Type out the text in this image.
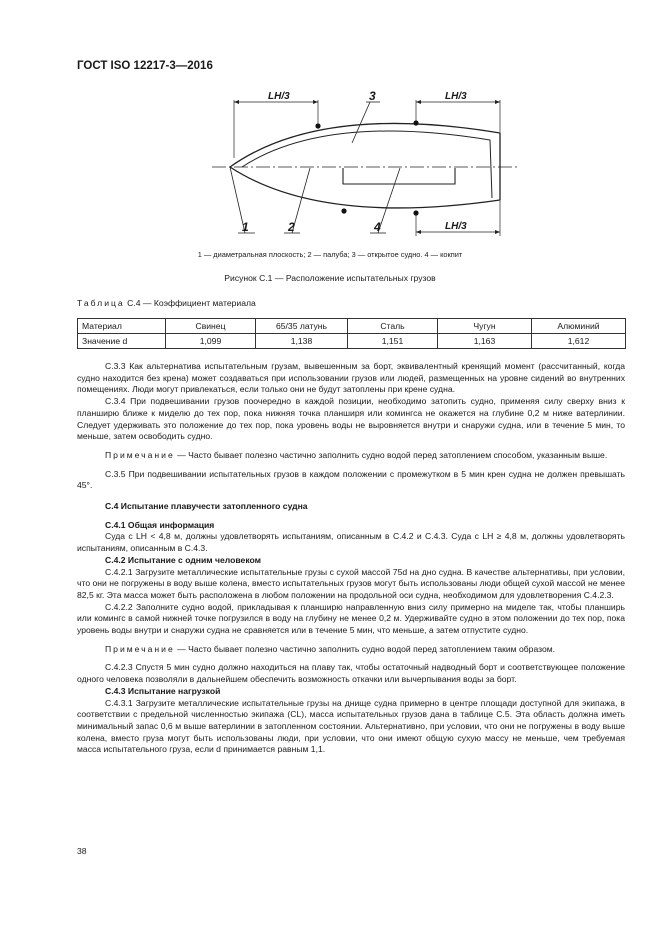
ГОСТ ISO 12217-3—2016
LH/3	LH/3
LH/3
1	2
3
4
1 — диаметральная плоскость; 2 — палуба; 3 — открытое судно. 4 — кокпит
Рисунок С.1 — Расположение испытательных грузов
Таблица С.4 — Коэффициент материала
Материал	Свинец	65/35 латунь	Сталь	Чугун	Алюминий
Значение d	1,099	1,138	1,151	1,163	1,612

С.3.3 Как альтернатива испытательным грузам, вывешенным за борт, эквивалентный кренящий момент (рассчитанный, когда судно находится без крена) может создаваться при использовании грузов или людей, размещенных на уровне сидений во внутренних помещениях. Люди могут привлекаться, если только они не будут затоплены при крене судна.

С.3.4 При подвешивании грузов поочередно в каждой позиции, необходимо затопить судно, применяя силу сверху вниз к планширю ближе к миделю до тех пор, пока нижняя точка планширя или комингса не окажется на глубине 0,2 м ниже ватерлинии. Следует удерживать это положение до тех пор, пока уровень воды не выровняется внутри и снаружи судна, или в течение 5 мин, то меньше, затем освободить судно.

Примечание — Часто бывает полезно частично заполнить судно водой перед затоплением способом, указанным выше.

С.3.5 При подвешивании испытательных грузов в каждом положении с промежутком в 5 мин крен судна не должен превышать 45°.

С.4 Испытание плавучести затопленного судна

С.4.1 Общая информация

Суда с LH < 4,8 м, должны удовлетворять испытаниям, описанным в С.4.2 и С.4.3. Суда с LH ≥ 4,8 м, должны удовлетворять испытаниям, описанным в С.4.3.

С.4.2 Испытание с одним человеком

С.4.2.1 Загрузите металлические испытательные грузы с сухой массой 75d на дно судна. В качестве альтернативы, при условии, что они не погружены в воду выше колена, вместо испытательных грузов могут быть использованы люди общей сухой массой не менее 82,5 кг. Эта масса может быть расположена в любом положении на продольной оси судна, необходимом для удовлетворения С.4.2.3.

С.4.2.2 Заполните судно водой, прикладывая к планширю направленную вниз силу примерно на миделе так, чтобы планширь или комингс в самой нижней точке погрузился в воду на глубину не менее 0,2 м. Удерживайте судно в этом положении до тех пор, пока уровень воды внутри и снаружи судна не сравняется или в течение 5 мин, что меньше, а затем отпустите судно.

Примечание — Часто бывает полезно частично заполнить судно водой перед затоплением таким образом.

С.4.2.3 Спустя 5 мин судно должно находиться на плаву так, чтобы остаточный надводный борт и соответствующее положение одного человека позволяли в дальнейшем обеспечить возможность откачки или вычерпывания воды за борт.

С.4.3 Испытание нагрузкой

С.4.3.1 Загрузите металлические испытательные грузы на днище судна примерно в центре площади доступной для экипажа, в соответствии с предельной численностью экипажа (CL), масса испытательных грузов дана в таблице С.5. Эта область должна иметь минимальный запас 0,6 м выше ватерлинии в затопленном состоянии. Альтернативно, при условии, что они не погружены в воду выше колена, вместо груза могут быть использованы люди, при условии, что они имеют общую сухую массу не меньше, чем требуемая масса испытательного груза, если d принимается равным 1,1.

38
